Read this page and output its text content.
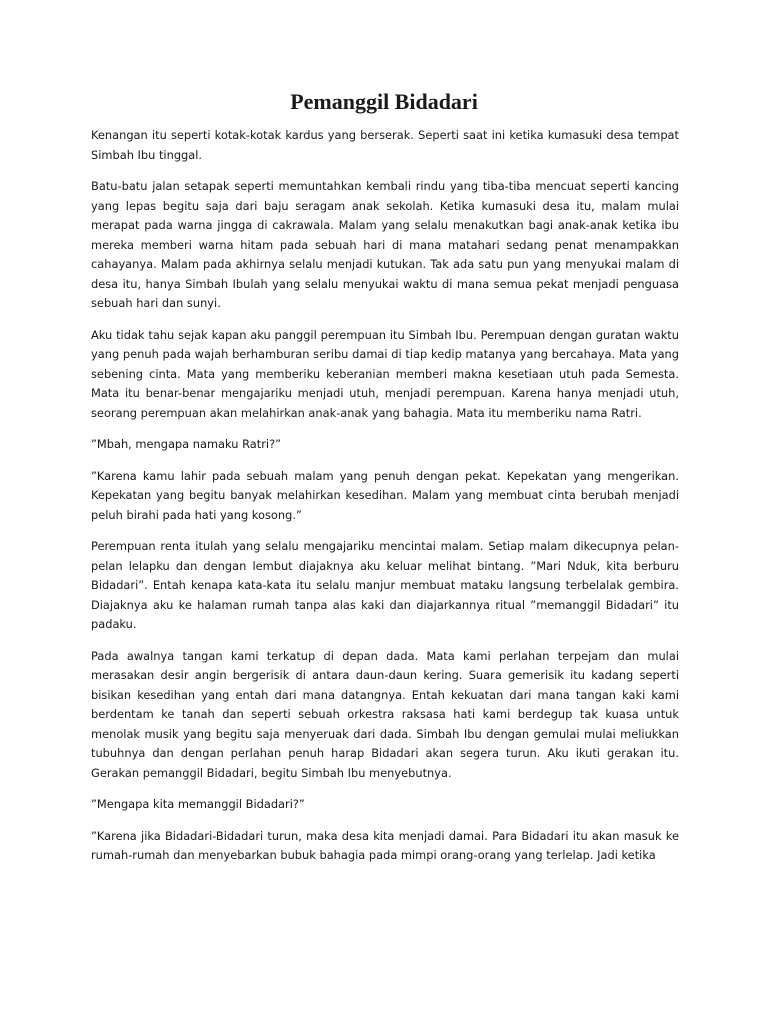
Pemanggil Bidadari

Kenangan itu seperti kotak-kotak kardus yang berserak. Seperti saat ini ketika kumasuki desa tempat Simbah Ibu tinggal.

Batu-batu jalan setapak seperti memuntahkan kembali rindu yang tiba-tiba mencuat seperti kancing yang lepas begitu saja dari baju seragam anak sekolah. Ketika kumasuki desa itu, malam mulai merapat pada warna jingga di cakrawala. Malam yang selalu menakutkan bagi anak-anak ketika ibu mereka memberi warna hitam pada sebuah hari di mana matahari sedang penat menampakkan cahayanya. Malam pada akhirnya selalu menjadi kutukan. Tak ada satu pun yang menyukai malam di desa itu, hanya Simbah Ibulah yang selalu menyukai waktu di mana semua pekat menjadi penguasa sebuah hari dan sunyi.

Aku tidak tahu sejak kapan aku panggil perempuan itu Simbah Ibu. Perempuan dengan guratan waktu yang penuh pada wajah berhamburan seribu damai di tiap kedip matanya yang bercahaya. Mata yang sebening cinta. Mata yang memberiku keberanian memberi makna kesetiaan utuh pada Semesta. Mata itu benar-benar mengajariku menjadi utuh, menjadi perempuan. Karena hanya menjadi utuh, seorang perempuan akan melahirkan anak-anak yang bahagia. Mata itu memberiku nama Ratri.

”Mbah, mengapa namaku Ratri?”

”Karena kamu lahir pada sebuah malam yang penuh dengan pekat. Kepekatan yang mengerikan. Kepekatan yang begitu banyak melahirkan kesedihan. Malam yang membuat cinta berubah menjadi peluh birahi pada hati yang kosong.”

Perempuan renta itulah yang selalu mengajariku mencintai malam. Setiap malam dikecupnya pelan-pelan lelapku dan dengan lembut diajaknya aku keluar melihat bintang. ”Mari Nduk, kita berburu Bidadari”. Entah kenapa kata-kata itu selalu manjur membuat mataku langsung terbelalak gembira. Diajaknya aku ke halaman rumah tanpa alas kaki dan diajarkannya ritual ”memanggil Bidadari” itu padaku.

Pada awalnya tangan kami terkatup di depan dada. Mata kami perlahan terpejam dan mulai merasakan desir angin bergerisik di antara daun-daun kering. Suara gemerisik itu kadang seperti bisikan kesedihan yang entah dari mana datangnya. Entah kekuatan dari mana tangan kaki kami berdentam ke tanah dan seperti sebuah orkestra raksasa hati kami berdegup tak kuasa untuk menolak musik yang begitu saja menyeruak dari dada. Simbah Ibu dengan gemulai mulai meliukkan tubuhnya dan dengan perlahan penuh harap Bidadari akan segera turun. Aku ikuti gerakan itu. Gerakan pemanggil Bidadari, begitu Simbah Ibu menyebutnya.

”Mengapa kita memanggil Bidadari?”

”Karena jika Bidadari-Bidadari turun, maka desa kita menjadi damai. Para Bidadari itu akan masuk ke rumah-rumah dan menyebarkan bubuk bahagia pada mimpi orang-orang yang terlelap. Jadi ketika
